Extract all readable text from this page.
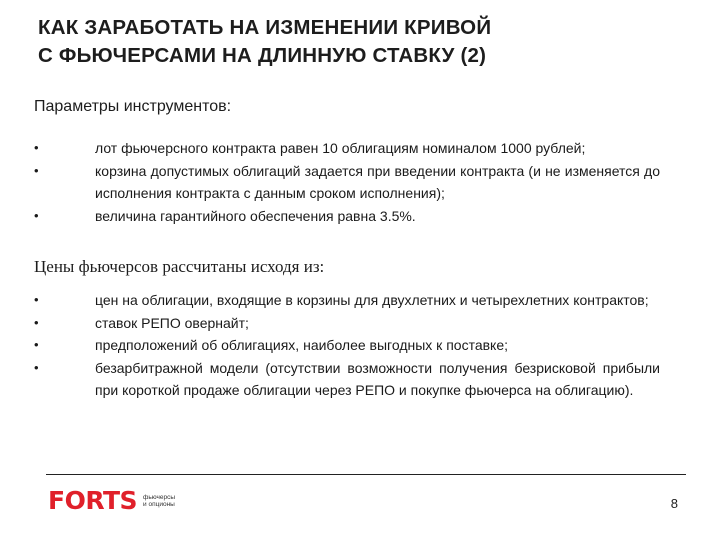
КАК ЗАРАБОТАТЬ НА ИЗМЕНЕНИИ КРИВОЙ
С ФЬЮЧЕРСАМИ НА ДЛИННУЮ СТАВКУ (2)
Параметры инструментов:
•	лот фьючерсного контракта равен 10 облигациям номиналом 1000 рублей;
•	корзина допустимых облигаций задается при введении контракта (и не изменяется до исполнения контракта с данным сроком исполнения);
•	величина гарантийного обеспечения равна 3.5%.
Цены фьючерсов рассчитаны исходя из:
•	цен на облигации, входящие в корзины для двухлетних и четырехлетних контрактов;
•	ставок РЕПО овернайт;
•	предположений об облигациях, наиболее выгодных к поставке;
•	безарбитражной модели (отсутствии возможности получения безрисковой прибыли при короткой продаже облигации через РЕПО и покупке фьючерса на облигацию).
FORTS фьючерсы
и опционы	8
